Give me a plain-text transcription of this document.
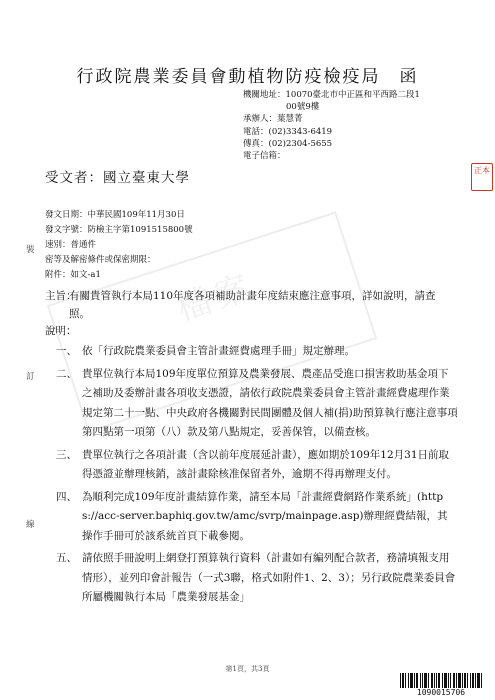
檔案
行政院農業委員會動植物防疫檢疫局　函
機關地址：10070臺北市中正區和平西路二段1
00號9樓
承辦人：葉慧菁
電話：(02)3343-6419
傳真：(02)2304-5655
電子信箱：
正本
受文者：國立臺東大學
發文日期：中華民國109年11月30日
發文字號：防檢主字第1091515800號
速別：普通件
密等及解密條件或保密期限：
附件：如文-a1
裝
訂
線
主旨：
有關貴管執行本局110年度各項補助計畫年度結束應注意事項，詳如說明，請查照。
說明：
一、 依「行政院農業委員會主管計畫經費處理手冊」規定辦理。
二、 貴單位執行本局109年度單位預算及農業發展、農產品受進口損害救助基金項下之補助及委辦計畫各項收支憑證，請依行政院農業委員會主管計畫經費處理作業規定第二十一點、中央政府各機關對民間團體及個人補(捐)助預算執行應注意事項第四點第一項第（八）款及第八點規定，妥善保管，以備查核。
三、 貴單位執行之各項計畫（含以前年度展延計畫），應如期於109年12月31日前取得憑證並辦理核銷，該計畫除核准保留者外，逾期不得再辦理支付。
四、 為順利完成109年度計畫結算作業，請至本局「計畫經費網路作業系統」(https://acc-server.baphiq.gov.tw/amc/svrp/mainpage.asp)辦理經費結報，其操作手冊可於該系統首頁下載參閱。
五、 請依照手冊說明上網登打預算執行資料（計畫如有編列配合款者，務請填報支用情形），並列印會計報告（一式3聯，格式如附件1、2、3）；另行政院農業委員會所屬機關執行本局「農業發展基金」
第1頁，共3頁
1090015706
